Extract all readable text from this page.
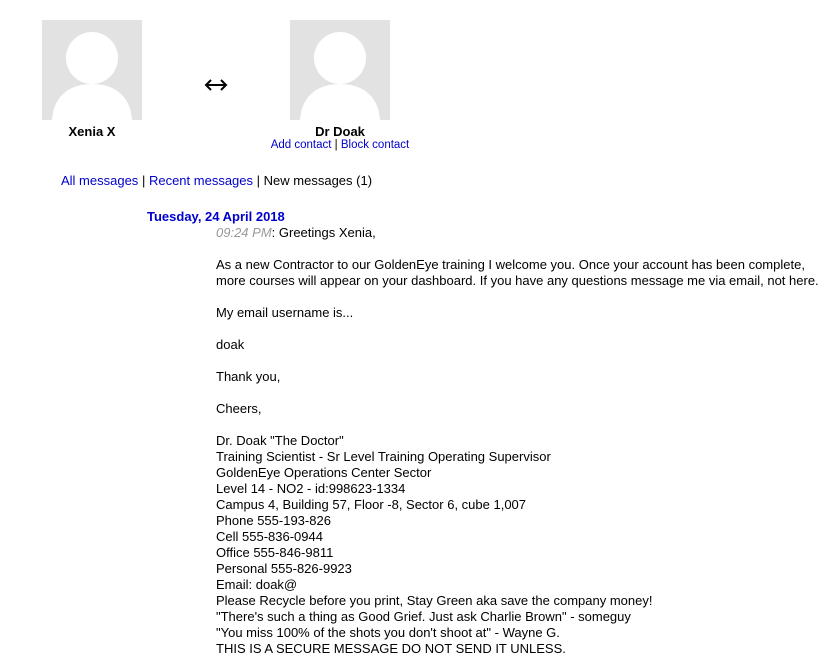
Xenia X	Dr Doak
Add contact | Block contact
All messages | Recent messages | New messages (1)
Tuesday, 24 April 2018
09:24 PM: Greetings Xenia,
As a new Contractor to our GoldenEye training I welcome you. Once your account has been complete,
more courses will appear on your dashboard. If you have any questions message me via email, not here.
My email username is...
doak
Thank you,
Cheers,
Dr. Doak "The Doctor"
Training Scientist - Sr Level Training Operating Supervisor
GoldenEye Operations Center Sector
Level 14 - NO2 - id:998623-1334
Campus 4, Building 57, Floor -8, Sector 6, cube 1,007
Phone 555-193-826
Cell 555-836-0944
Office 555-846-9811
Personal 555-826-9923
Email: doak@
Please Recycle before you print, Stay Green aka save the company money!
"There's such a thing as Good Grief. Just ask Charlie Brown" - someguy
"You miss 100% of the shots you don't shoot at" - Wayne G.
THIS IS A SECURE MESSAGE DO NOT SEND IT UNLESS.
